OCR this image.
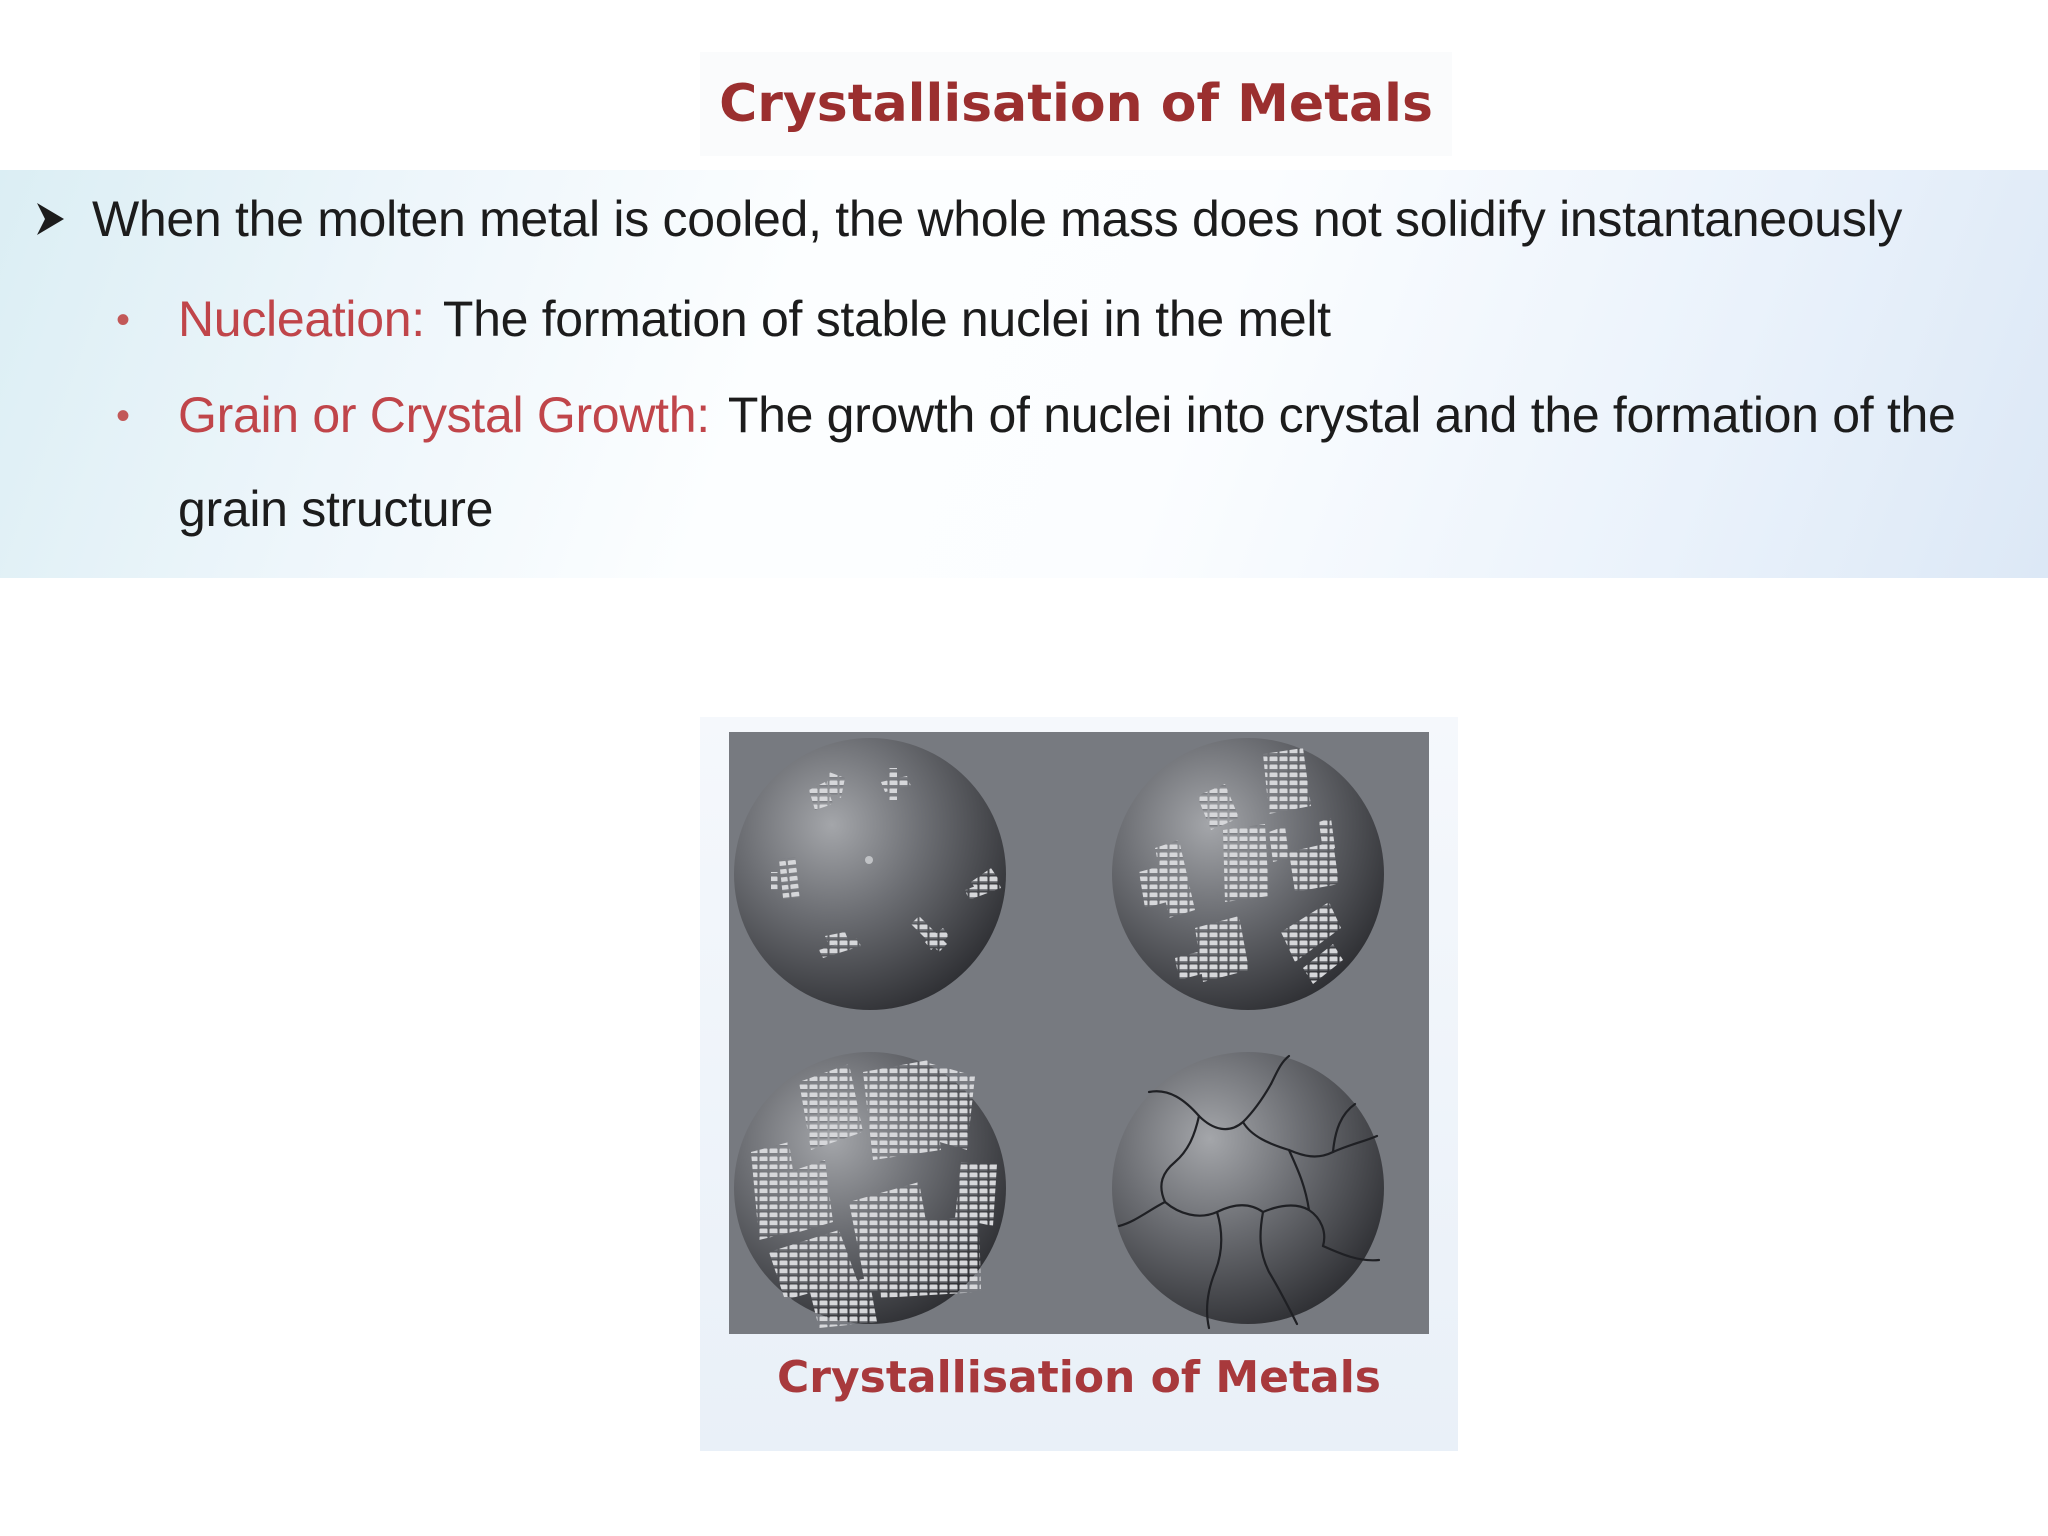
Crystallisation of Metals
When the molten metal is cooled, the whole mass does not solidify instantaneously
• Nucleation: The formation of stable nuclei in the melt
• Grain or Crystal Growth: The growth of nuclei into crystal and the formation of the
grain structure
Crystallisation of Metals
